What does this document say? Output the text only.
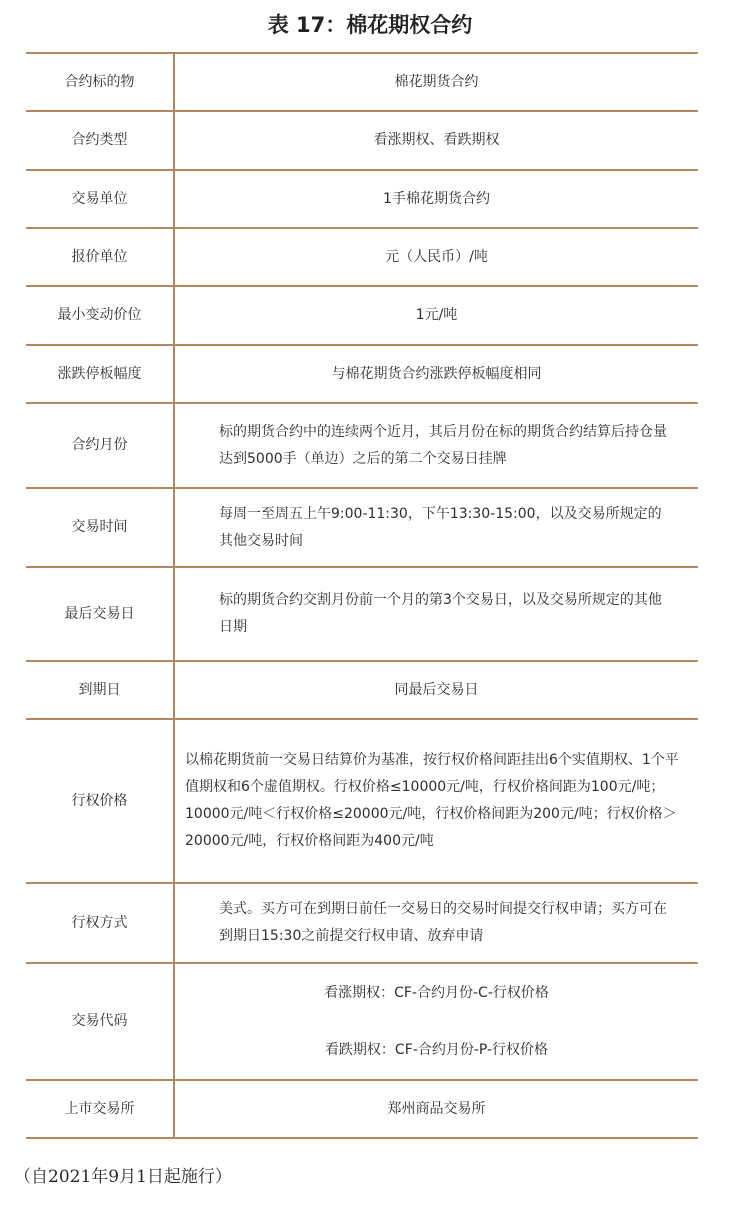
表 17：棉花期权合约
合约标的物	棉花期货合约
合约类型	看涨期权、看跌期权
交易单位	1手棉花期货合约
报价单位	元（人民币）/吨
最小变动价位	1元/吨
涨跌停板幅度	与棉花期货合约涨跌停板幅度相同
合约月份	标的期货合约中的连续两个近月，其后月份在标的期货合约结算后持仓量达到5000手（单边）之后的第二个交易日挂牌
交易时间	每周一至周五上午9:00-11:30，下午13:30-15:00，以及交易所规定的其他交易时间
最后交易日	标的期货合约交割月份前一个月的第3个交易日，以及交易所规定的其他日期
到期日	同最后交易日
行权价格	以棉花期货前一交易日结算价为基准，按行权价格间距挂出6个实值期权、1个平值期权和6个虚值期权。行权价格≤10000元/吨，行权价格间距为100元/吨；10000元/吨＜行权价格≤20000元/吨，行权价格间距为200元/吨；行权价格＞20000元/吨，行权价格间距为400元/吨
行权方式	美式。买方可在到期日前任一交易日的交易时间提交行权申请；买方可在到期日15:30之前提交行权申请、放弃申请
交易代码	看涨期权：CF-合约月份-C-行权价格
看跌期权：CF-合约月份-P-行权价格

上市交易所	郑州商品交易所
（自2021年9月1日起施行）
